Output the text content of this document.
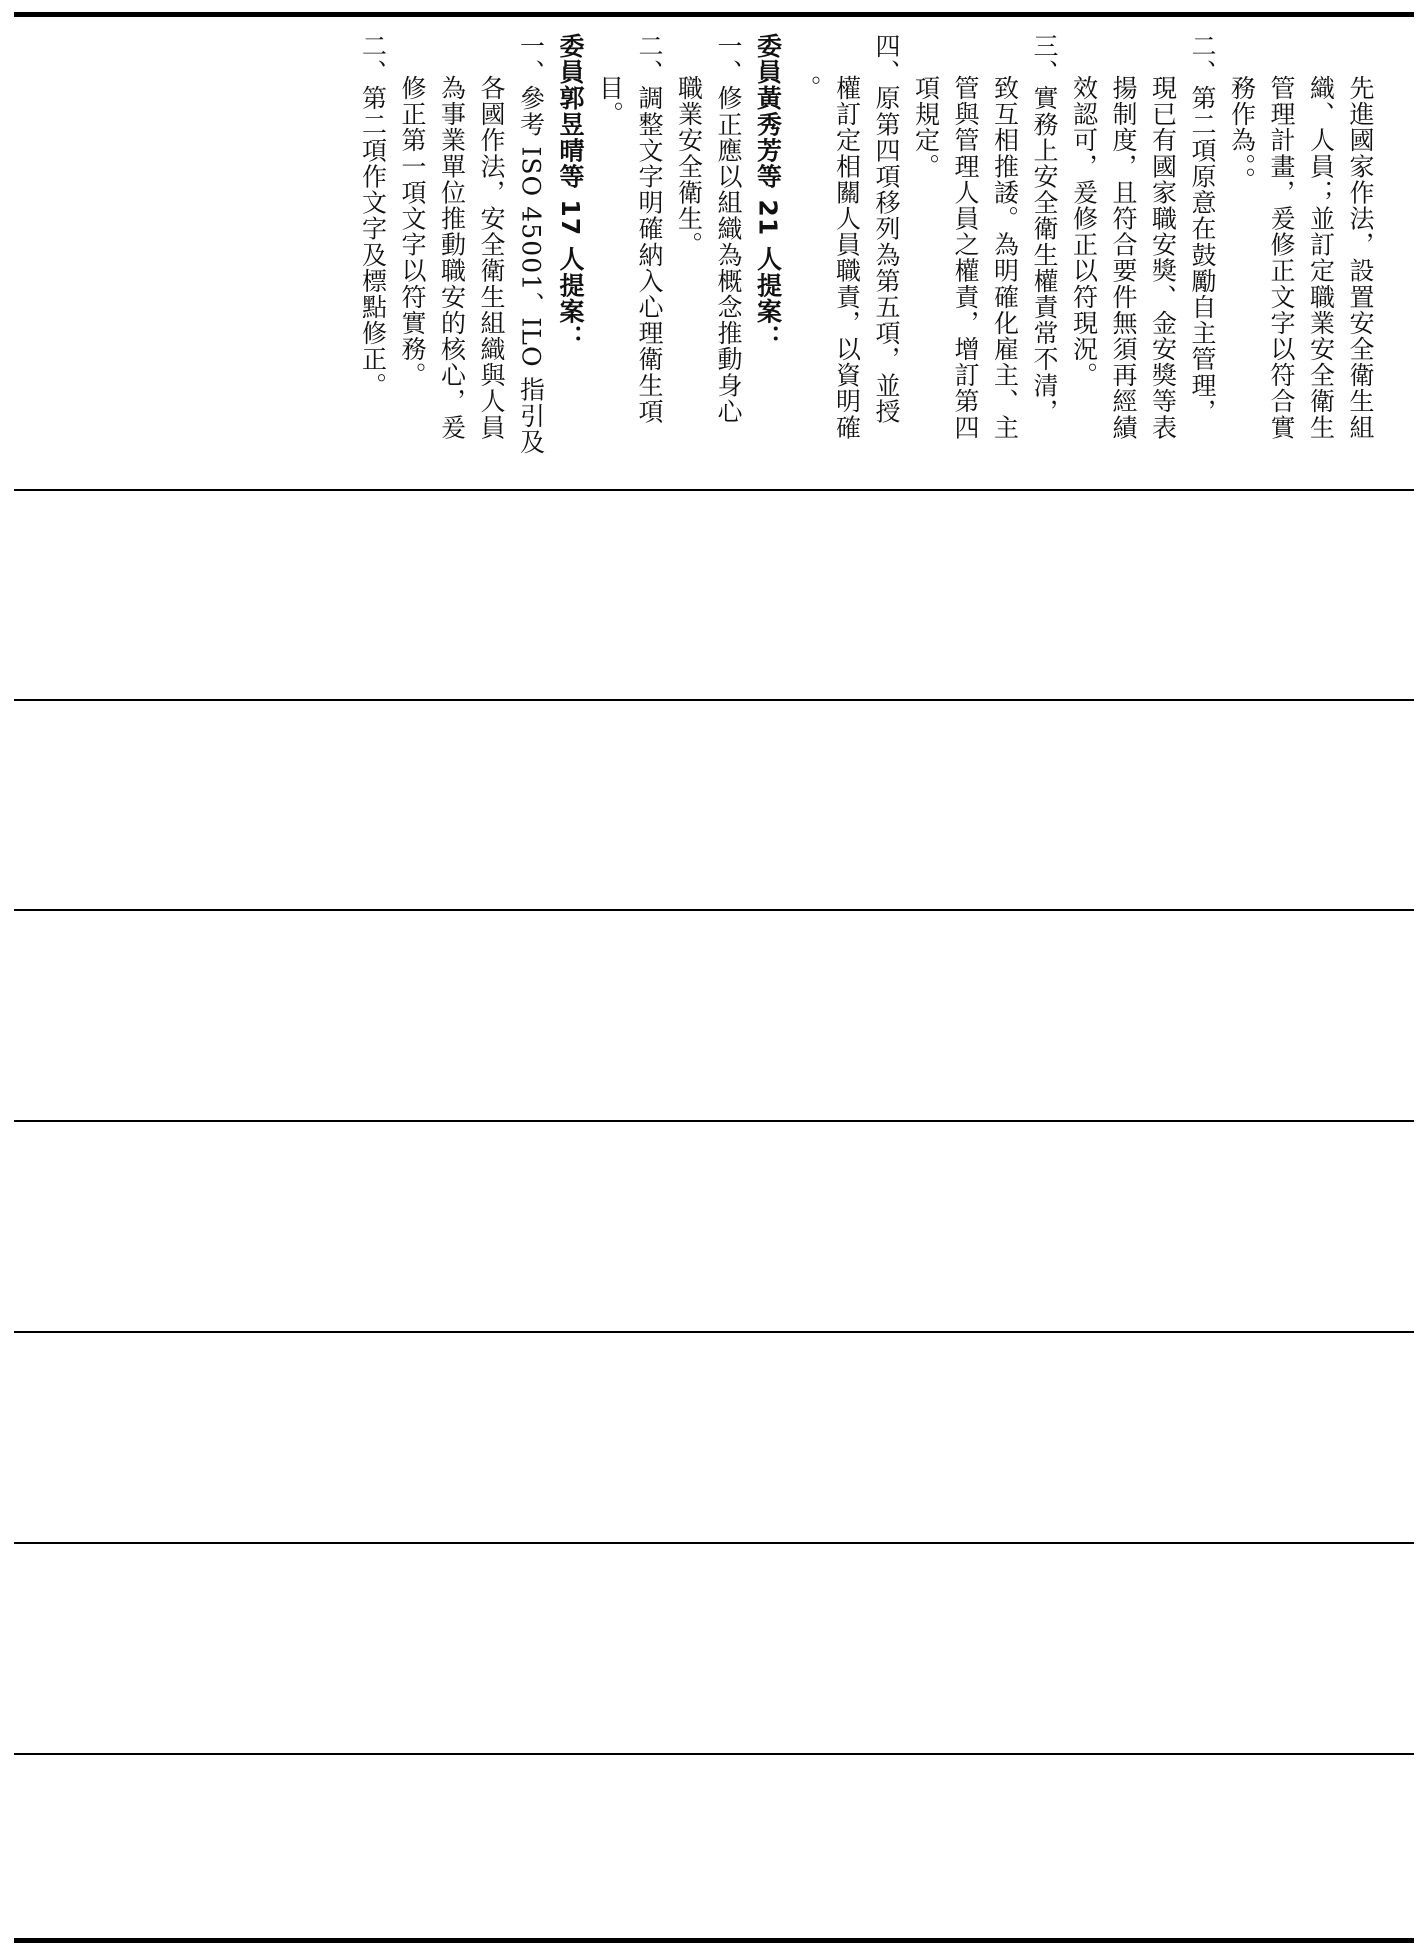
先進國家作法，設置安全衛生組
織、人員；並訂定職業安全衛生
管理計畫，爰修正文字以符合實
務作為。。
二、第二項原意在鼓勵自主管理，
現已有國家職安獎、金安獎等表
揚制度，且符合要件無須再經績
效認可，爰修正以符現況。
三、實務上安全衛生權責常不清，
致互相推諉。為明確化雇主、主
管與管理人員之權責，增訂第四
項規定。
四、原第四項移列為第五項，並授
權訂定相關人員職責，以資明確
。
委員黃秀芳等 21 人提案：
一、修正應以組織為概念推動身心
職業安全衛生。
二、調整文字明確納入心理衛生項
目。
委員郭昱晴等 17 人提案：
一、參考 ISO 45001、ILO 指引及
各國作法，安全衛生組織與人員
為事業單位推動職安的核心，爰
修正第一項文字以符實務。
二、第二項作文字及標點修正。
